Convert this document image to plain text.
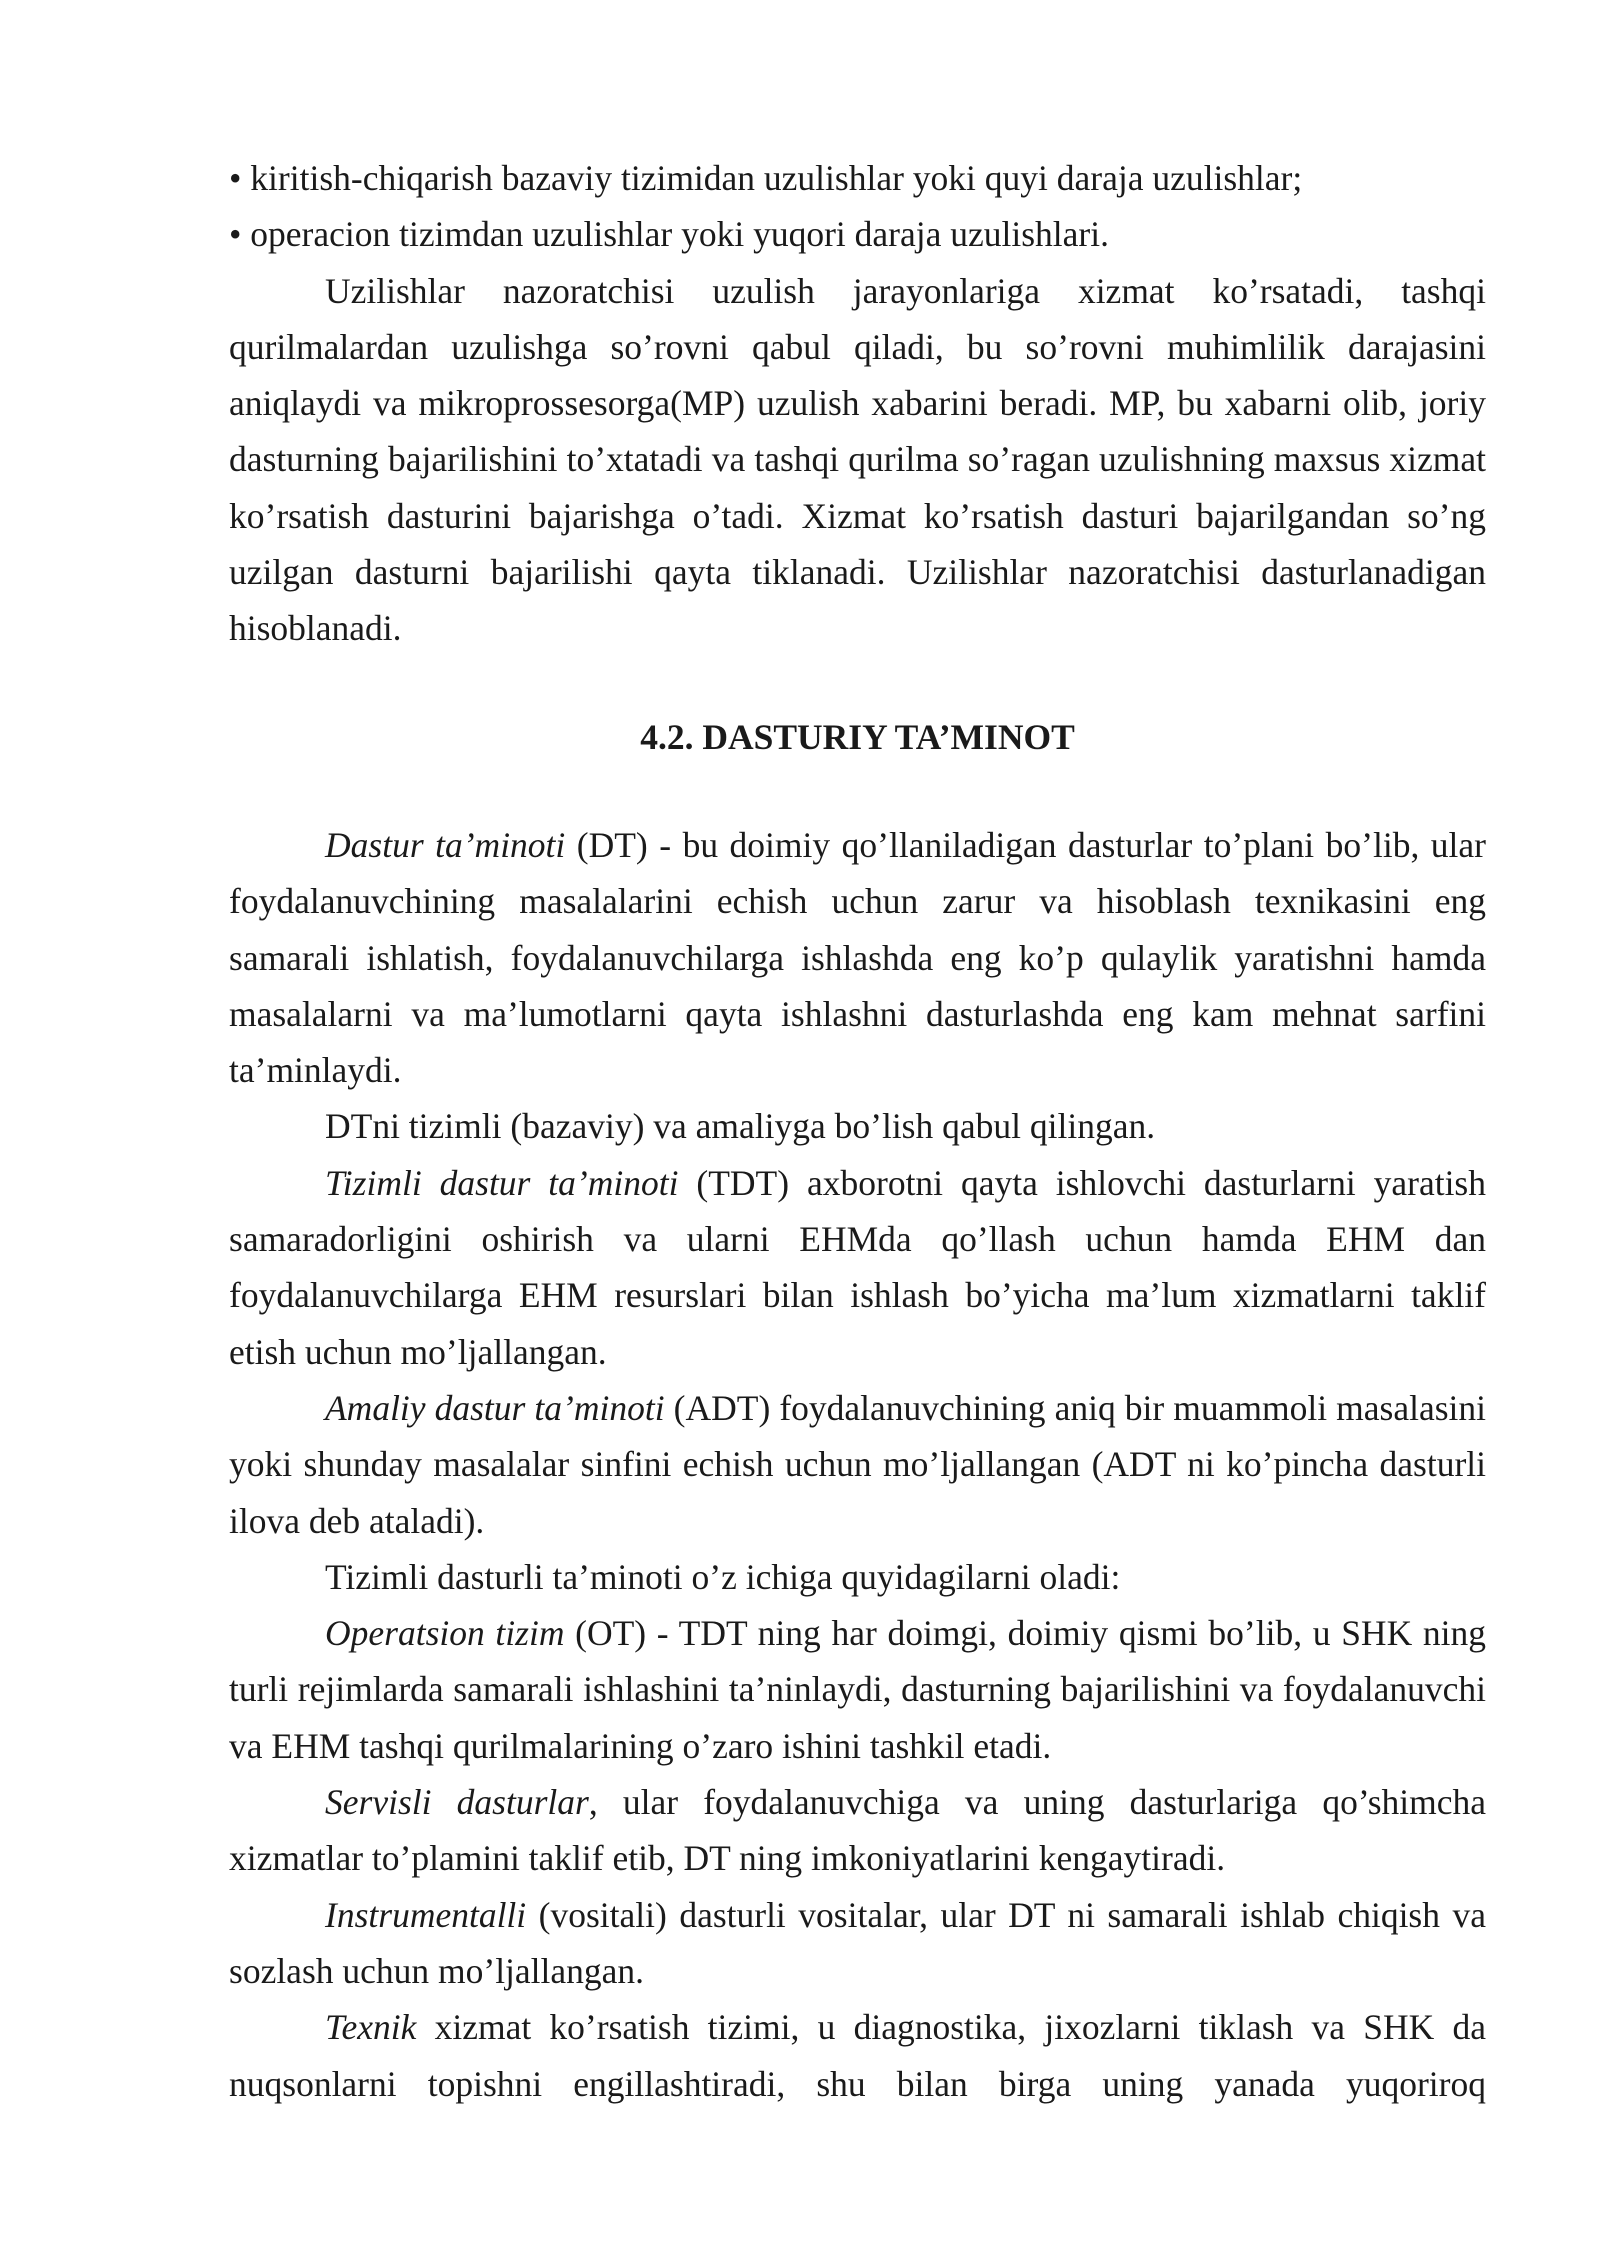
• kiritish-chiqarish bazaviy tizimidan uzulishlar yoki quyi daraja uzulishlar;

• operacion tizimdan uzulishlar yoki yuqori daraja uzulishlari.

Uzilishlar nazoratchisi uzulish jarayonlariga xizmat ko’rsatadi, tashqi qurilmalardan uzulishga so’rovni qabul qiladi, bu so’rovni muhimlilik darajasini aniqlaydi va mikroprossesorga(MP) uzulish xabarini beradi. MP, bu xabarni olib, joriy dasturning bajarilishini to’xtatadi va tashqi qurilma so’ragan uzulishning maxsus xizmat ko’rsatish dasturini bajarishga o’tadi. Xizmat ko’rsatish dasturi bajarilgandan so’ng uzilgan dasturni bajarilishi qayta tiklanadi. Uzilishlar nazoratchisi dasturlanadigan hisoblanadi.

4.2. DASTURIY TA’MINOT

Dastur ta’minoti (DT) - bu doimiy qo’llaniladigan dasturlar to’plani bo’lib, ular foydalanuvchining masalalarini echish uchun zarur va hisoblash texnikasini eng samarali ishlatish, foydalanuvchilarga ishlashda eng ko’p qulaylik yaratishni hamda masalalarni va ma’lumotlarni qayta ishlashni dasturlashda eng kam mehnat sarfini ta’minlaydi.

DTni tizimli (bazaviy) va amaliyga bo’lish qabul qilingan.

Tizimli dastur ta’minoti (TDT) axborotni qayta ishlovchi dasturlarni yaratish samaradorligini oshirish va ularni EHMda qo’llash uchun hamda EHM dan foydalanuvchilarga EHM resurslari bilan ishlash bo’yicha ma’lum xizmatlarni taklif etish uchun mo’ljallangan.

Amaliy dastur ta’minoti (ADT) foydalanuvchining aniq bir muammoli masalasini yoki shunday masalalar sinfini echish uchun mo’ljallangan (ADT ni ko’pincha dasturli ilova deb ataladi).

Tizimli dasturli ta’minoti o’z ichiga quyidagilarni oladi:

Operatsion tizim (OT) - TDT ning har doimgi, doimiy qismi bo’lib, u SHK ning turli rejimlarda samarali ishlashini ta’ninlaydi, dasturning bajarilishini va foydalanuvchi va EHM tashqi qurilmalarining o’zaro ishini tashkil etadi.

Servisli dasturlar, ular foydalanuvchiga va uning dasturlariga qo’shimcha xizmatlar to’plamini taklif etib, DT ning imkoniyatlarini kengaytiradi.

Instrumentalli (vositali) dasturli vositalar, ular DT ni samarali ishlab chiqish va sozlash uchun mo’ljallangan.

Texnik xizmat ko’rsatish tizimi, u diagnostika, jixozlarni tiklash va SHK da nuqsonlarni topishni engillashtiradi, shu bilan birga uning yanada yuqoriroq
